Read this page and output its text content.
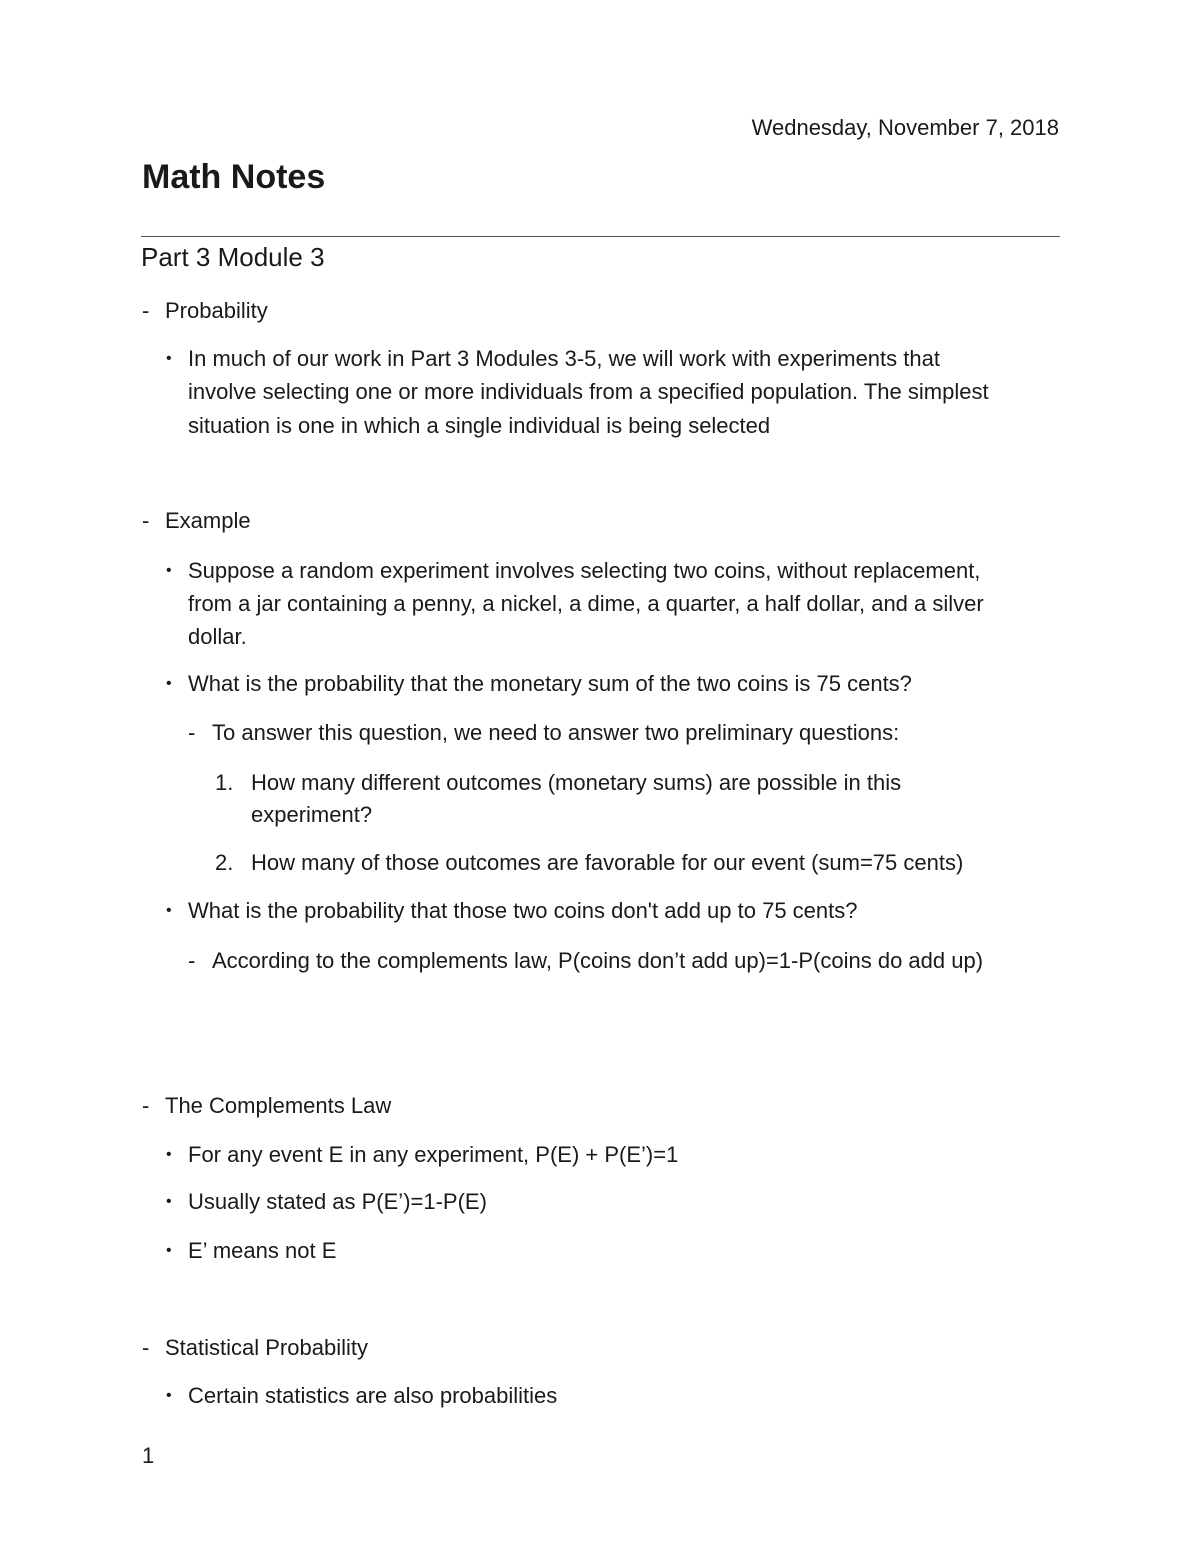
Wednesday, November 7, 2018
Math Notes
Part 3 Module 3
- Probability
• In much of our work in Part 3 Modules 3-5, we will work with experiments that
involve selecting one or more individuals from a specified population. The simplest
situation is one in which a single individual is being selected
- Example
• Suppose a random experiment involves selecting two coins, without replacement,
from a jar containing a penny, a nickel, a dime, a quarter, a half dollar, and a silver
dollar.
• What is the probability that the monetary sum of the two coins is 75 cents?
- To answer this question, we need to answer two preliminary questions:
1. How many different outcomes (monetary sums) are possible in this
experiment?
2. How many of those outcomes are favorable for our event (sum=75 cents)
• What is the probability that those two coins don't add up to 75 cents?
- According to the complements law, P(coins don’t add up)=1-P(coins do add up)
- The Complements Law
• For any event E in any experiment, P(E) + P(E’)=1
• Usually stated as P(E’)=1-P(E)
• E’ means not E
- Statistical Probability
• Certain statistics are also probabilities
1
